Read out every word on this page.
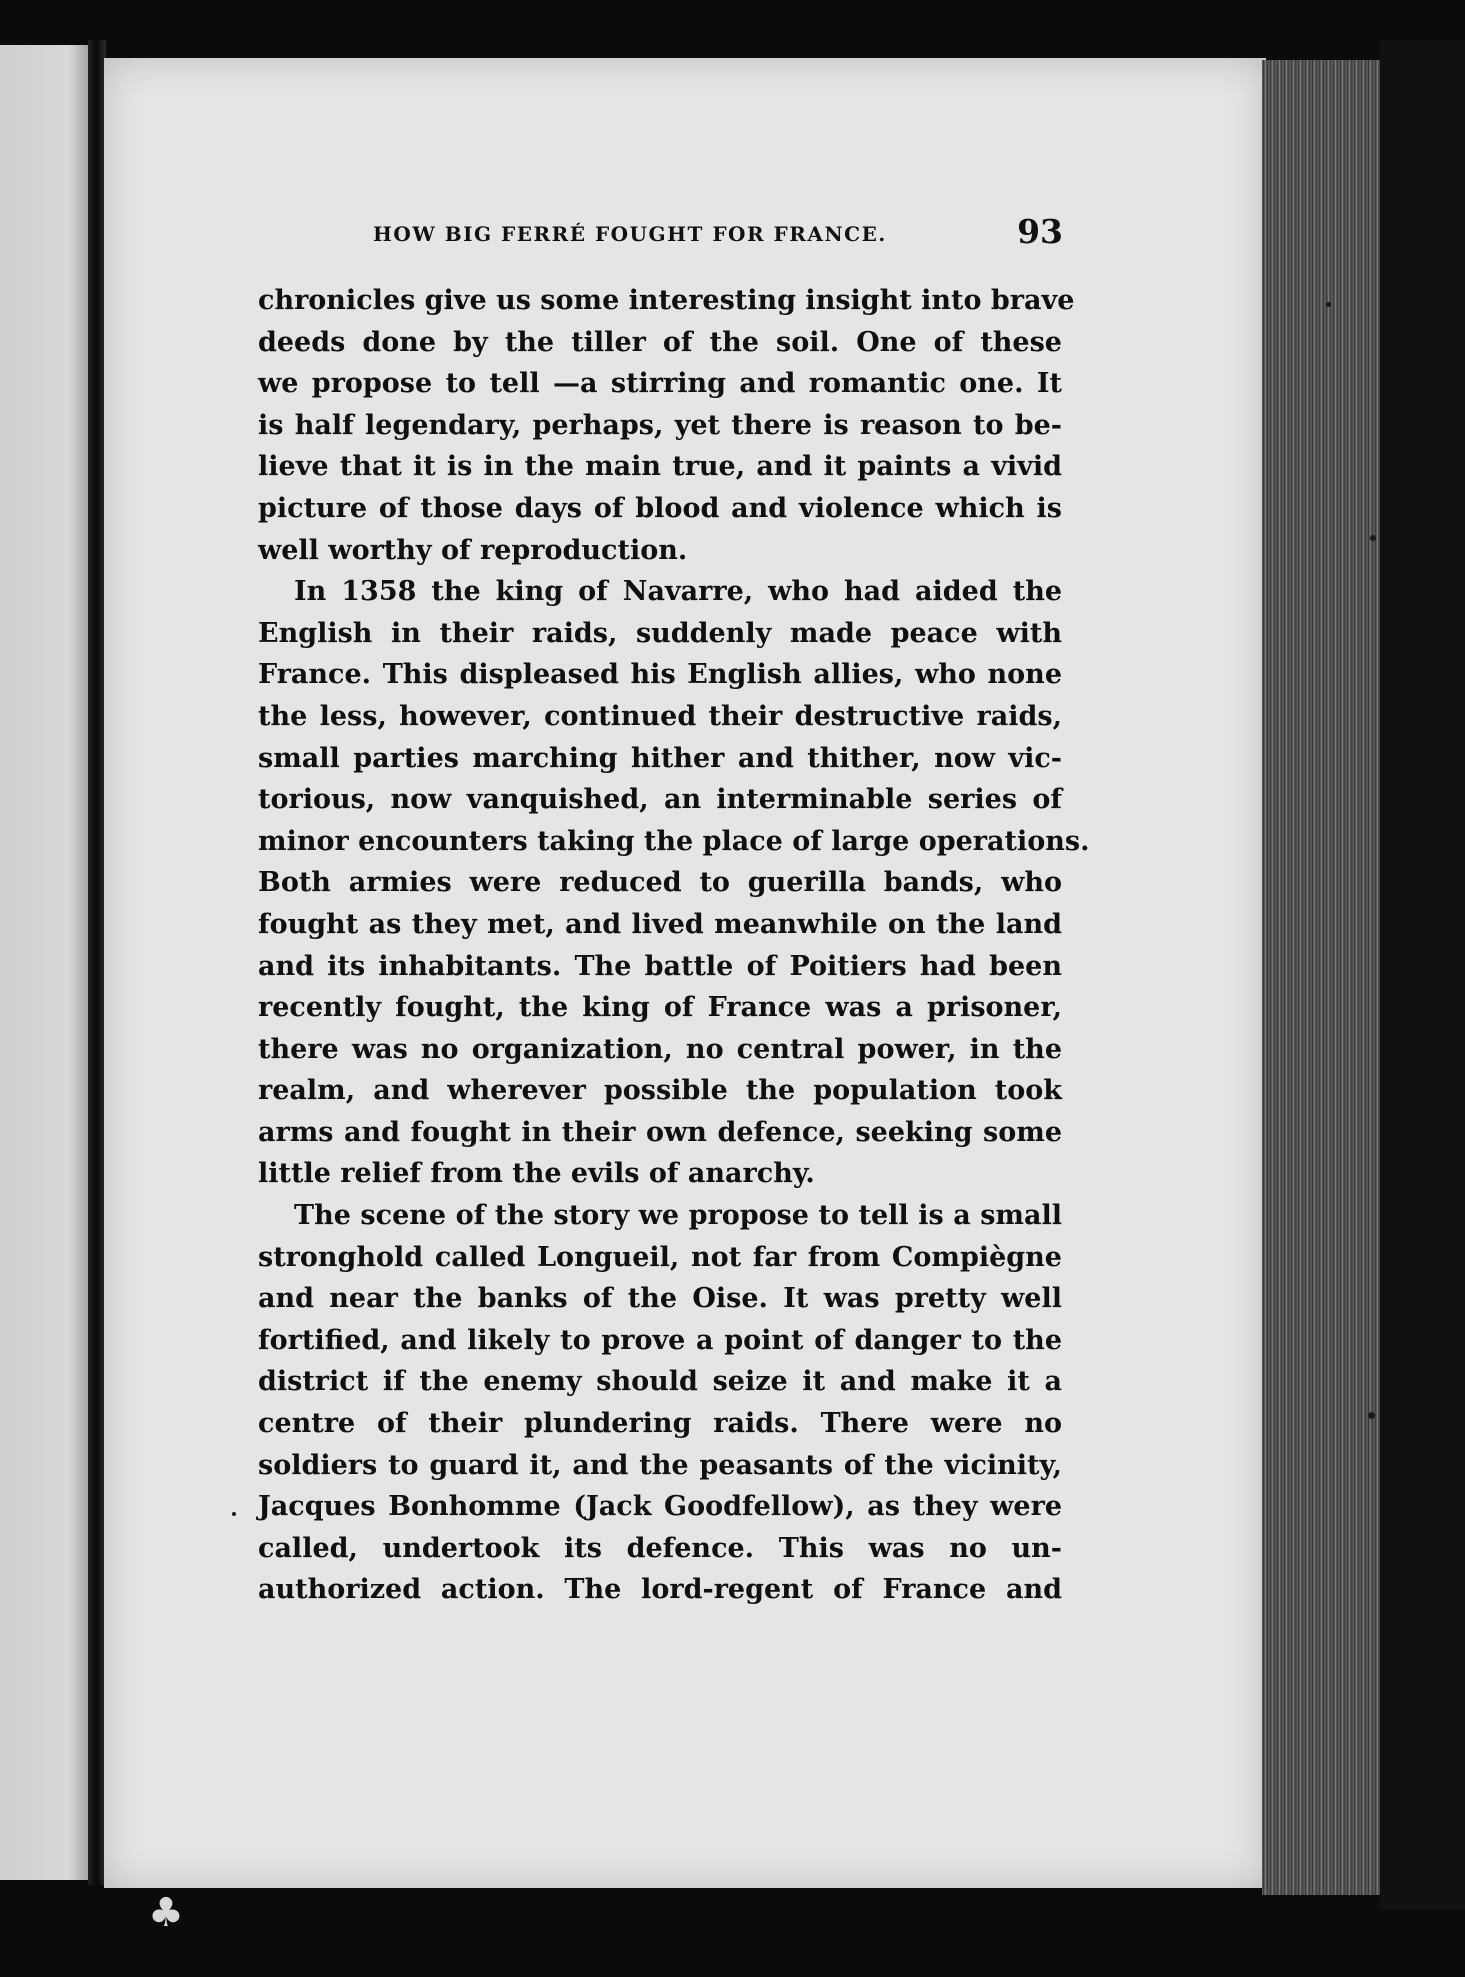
HOW BIG FERRÉ FOUGHT FOR FRANCE.	93
chronicles give us some interesting insight into brave
deeds done by the tiller of the soil. One of these
we propose to tell —a stirring and romantic one. It
is half legendary, perhaps, yet there is reason to be-
lieve that it is in the main true, and it paints a vivid
picture of those days of blood and violence which is
well worthy of reproduction.
In 1358 the king of Navarre, who had aided the
English in their raids, suddenly made peace with
France. This displeased his English allies, who none
the less, however, continued their destructive raids,
small parties marching hither and thither, now vic-
torious, now vanquished, an interminable series of
minor encounters taking the place of large operations.
Both armies were reduced to guerilla bands, who
fought as they met, and lived meanwhile on the land
and its inhabitants. The battle of Poitiers had been
recently fought, the king of France was a prisoner,
there was no organization, no central power, in the
realm, and wherever possible the population took
arms and fought in their own defence, seeking some
little relief from the evils of anarchy.
The scene of the story we propose to tell is a small
stronghold called Longueil, not far from Compiègne
and near the banks of the Oise. It was pretty well
fortified, and likely to prove a point of danger to the
district if the enemy should seize it and make it a
centre of their plundering raids. There were no
soldiers to guard it, and the peasants of the vicinity,
Jacques Bonhomme (Jack Goodfellow), as they were
called, undertook its defence. This was no un-
authorized action. The lord-regent of France and
♣
